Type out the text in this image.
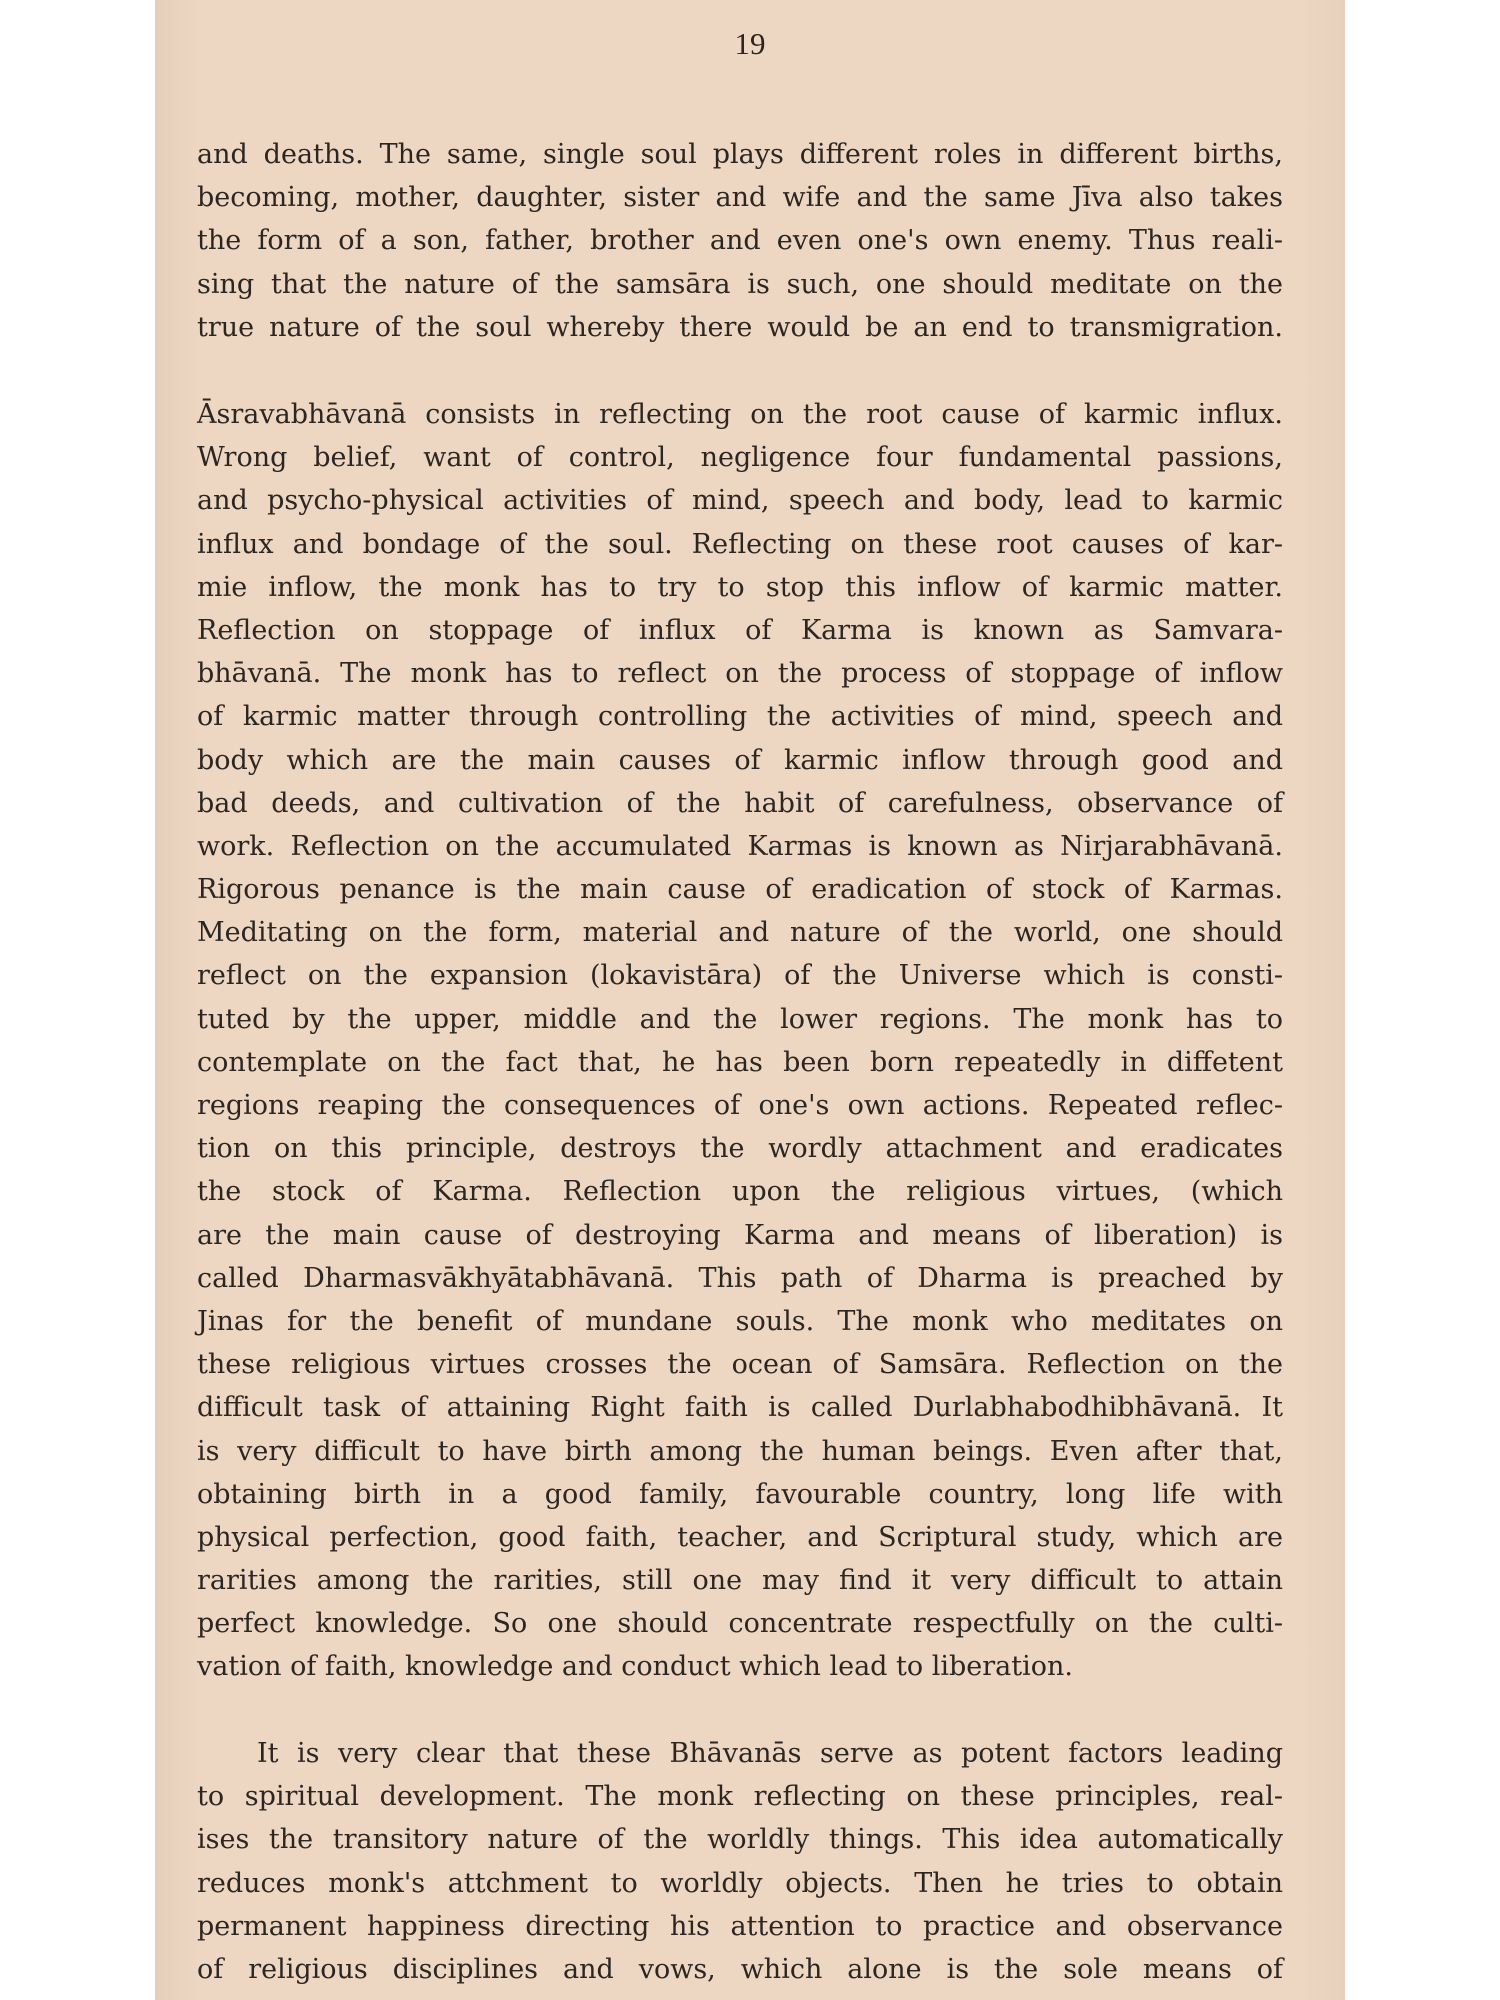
19
and deaths. The same, single soul plays different roles in different births,
becoming, mother, daughter, sister and wife and the same Jīva also takes
the form of a son, father, brother and even one's own enemy. Thus reali-
sing that the nature of the samsāra is such, one should meditate on the
true nature of the soul whereby there would be an end to transmigration.
Āsravabhāvanā consists in reflecting on the root cause of karmic influx.
Wrong belief, want of control, negligence four fundamental passions,
and psycho-physical activities of mind, speech and body, lead to karmic
influx and bondage of the soul. Reflecting on these root causes of kar-
mie inflow, the monk has to try to stop this inflow of karmic matter.
Reflection on stoppage of influx of Karma is known as Samvara-
bhāvanā. The monk has to reflect on the process of stoppage of inflow
of karmic matter through controlling the activities of mind, speech and
body which are the main causes of karmic inflow through good and
bad deeds, and cultivation of the habit of carefulness, observance of
work. Reflection on the accumulated Karmas is known as Nirjarabhāvanā.
Rigorous penance is the main cause of eradication of stock of Karmas.
Meditating on the form, material and nature of the world, one should
reflect on the expansion (lokavistāra) of the Universe which is consti-
tuted by the upper, middle and the lower regions. The monk has to
contemplate on the fact that, he has been born repeatedly in diffetent
regions reaping the consequences of one's own actions. Repeated reflec-
tion on this principle, destroys the wordly attachment and eradicates
the stock of Karma. Reflection upon the religious virtues, (which
are the main cause of destroying Karma and means of liberation) is
called Dharmasvākhyātabhāvanā. This path of Dharma is preached by
Jinas for the benefit of mundane souls. The monk who meditates on
these religious virtues crosses the ocean of Samsāra. Reflection on the
difficult task of attaining Right faith is called Durlabhabodhibhāvanā. It
is very difficult to have birth among the human beings. Even after that,
obtaining birth in a good family, favourable country, long life with
physical perfection, good faith, teacher, and Scriptural study, which are
rarities among the rarities, still one may find it very difficult to attain
perfect knowledge. So one should concentrate respectfully on the culti-
vation of faith, knowledge and conduct which lead to liberation.
It is very clear that these Bhāvanās serve as potent factors leading
to spiritual development. The monk reflecting on these principles, real-
ises the transitory nature of the worldly things. This idea automatically
reduces monk's attchment to worldly objects. Then he tries to obtain
permanent happiness directing his attention to practice and observance
of religious disciplines and vows, which alone is the sole means of
